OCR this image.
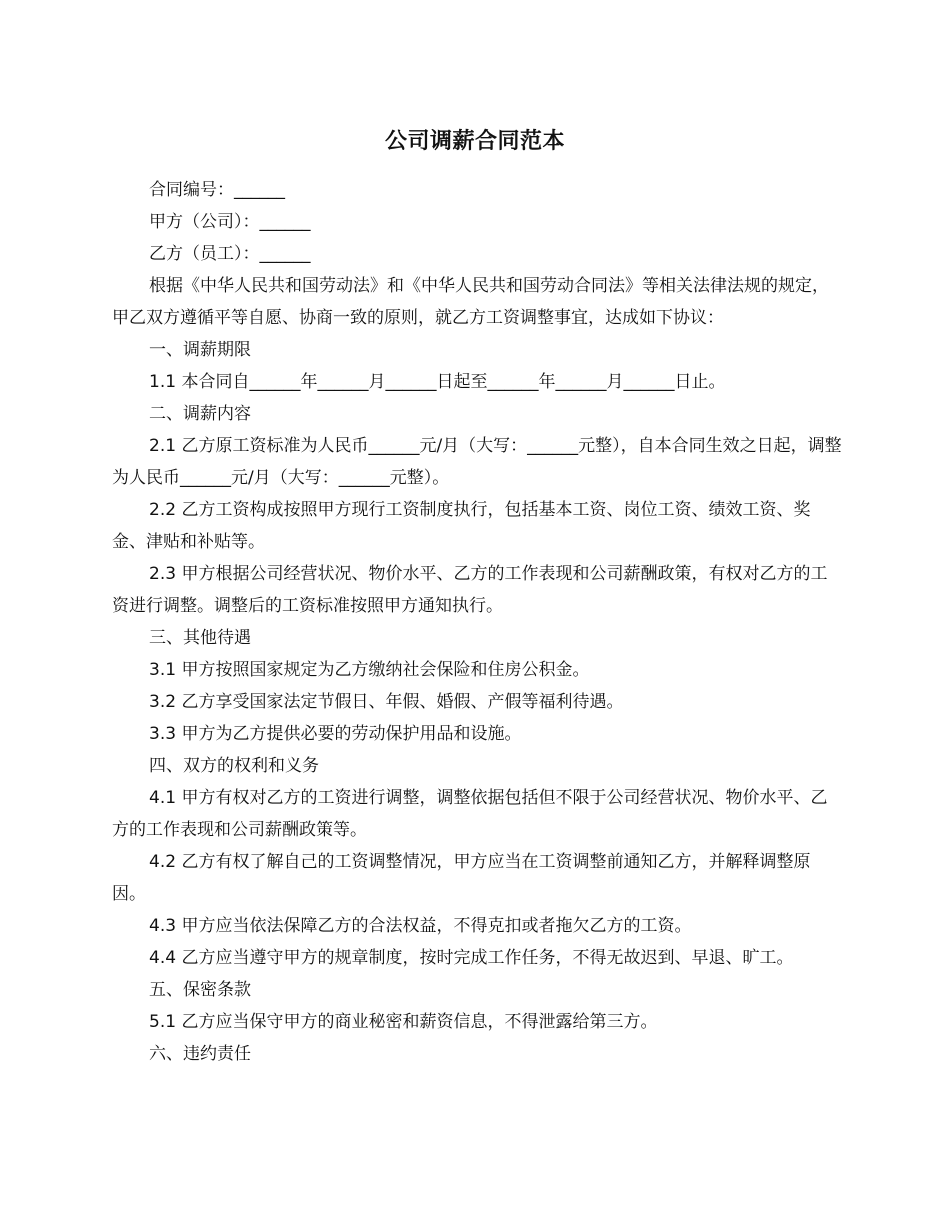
公司调薪合同范本

合同编号：______

甲方（公司）：______

乙方（员工）：______

根据《中华人民共和国劳动法》和《中华人民共和国劳动合同法》等相关法律法规的规定，甲乙双方遵循平等自愿、协商一致的原则，就乙方工资调整事宜，达成如下协议：

一、调薪期限

1.1 本合同自______年______月______日起至______年______月______日止。

二、调薪内容

2.1 乙方原工资标准为人民币______元/月（大写：______元整），自本合同生效之日起，调整为人民币______元/月（大写：______元整）。

2.2 乙方工资构成按照甲方现行工资制度执行，包括基本工资、岗位工资、绩效工资、奖金、津贴和补贴等。

2.3 甲方根据公司经营状况、物价水平、乙方的工作表现和公司薪酬政策，有权对乙方的工资进行调整。调整后的工资标准按照甲方通知执行。

三、其他待遇

3.1 甲方按照国家规定为乙方缴纳社会保险和住房公积金。

3.2 乙方享受国家法定节假日、年假、婚假、产假等福利待遇。

3.3 甲方为乙方提供必要的劳动保护用品和设施。

四、双方的权利和义务

4.1 甲方有权对乙方的工资进行调整，调整依据包括但不限于公司经营状况、物价水平、乙方的工作表现和公司薪酬政策等。

4.2 乙方有权了解自己的工资调整情况，甲方应当在工资调整前通知乙方，并解释调整原因。

4.3 甲方应当依法保障乙方的合法权益，不得克扣或者拖欠乙方的工资。

4.4 乙方应当遵守甲方的规章制度，按时完成工作任务，不得无故迟到、早退、旷工。

五、保密条款

5.1 乙方应当保守甲方的商业秘密和薪资信息，不得泄露给第三方。

六、违约责任
